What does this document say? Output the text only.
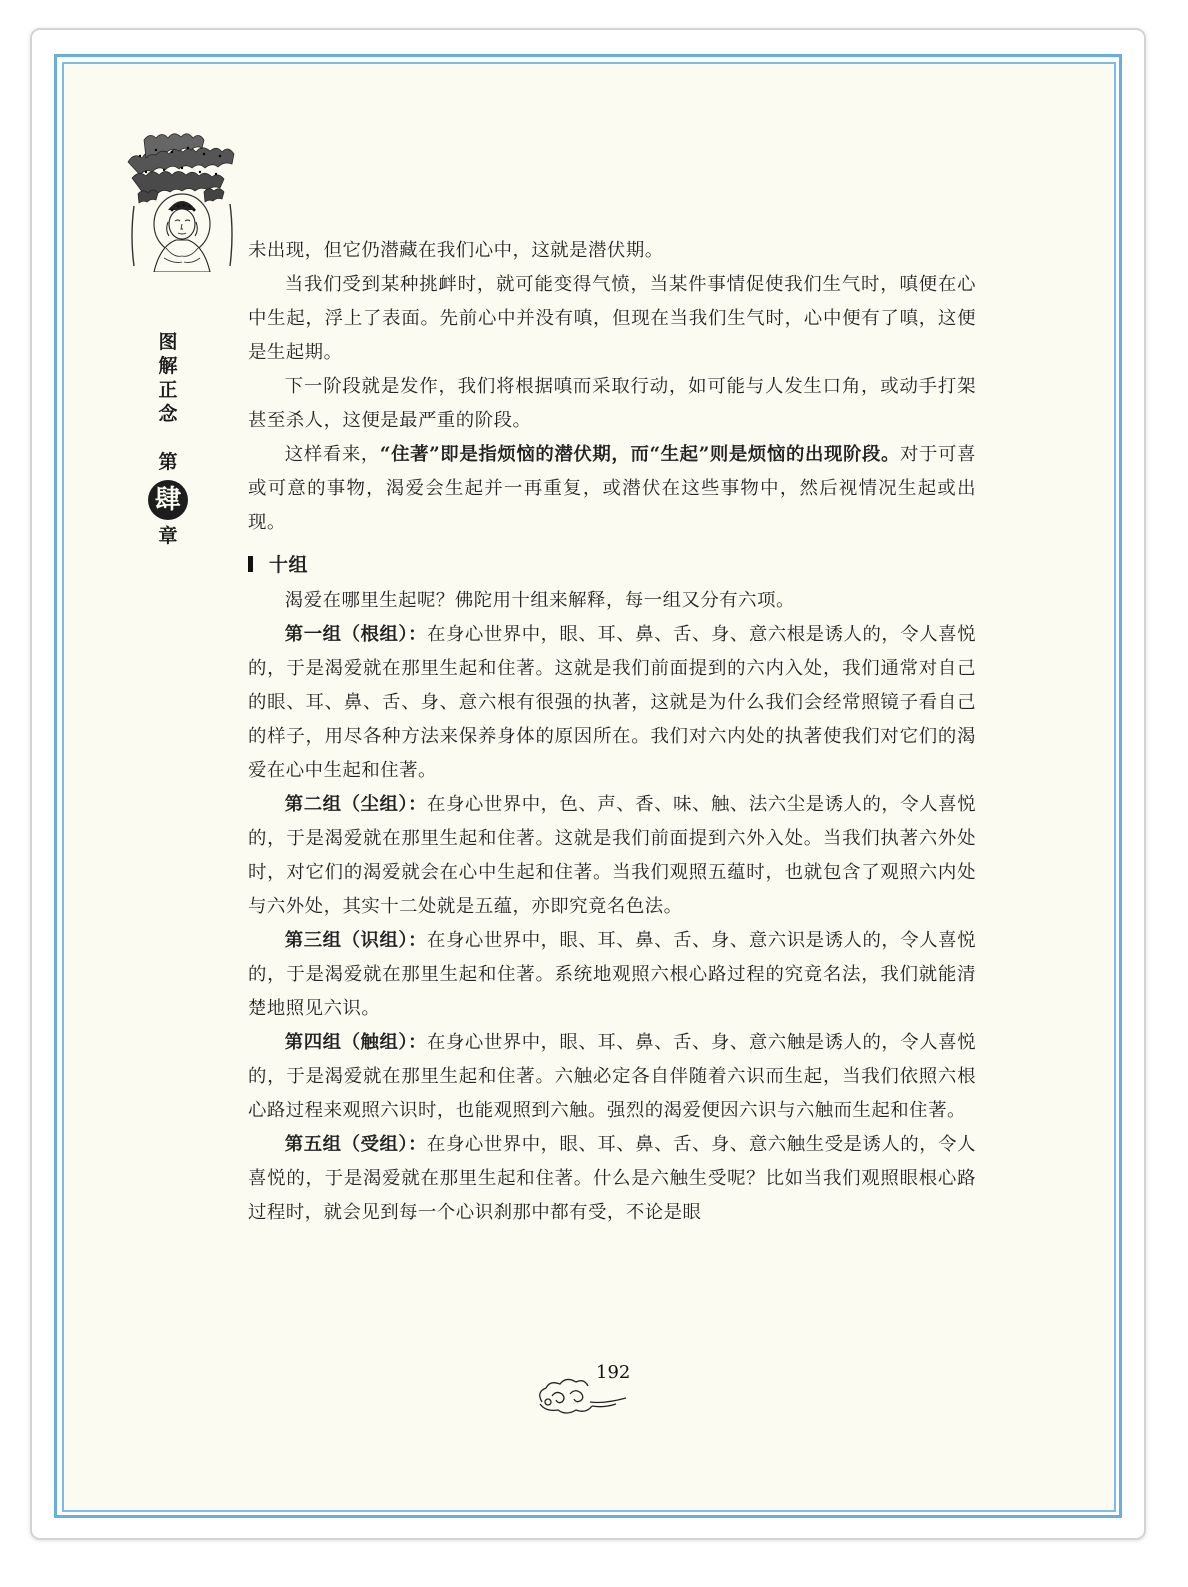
图
解
正
念
第
肆
章

未出现，但它仍潜藏在我们心中，这就是潜伏期。

当我们受到某种挑衅时，就可能变得气愤，当某件事情促使我们生气时，嗔便在心中生起，浮上了表面。先前心中并没有嗔，但现在当我们生气时，心中便有了嗔，这便是生起期。

下一阶段就是发作，我们将根据嗔而采取行动，如可能与人发生口角，或动手打架甚至杀人，这便是最严重的阶段。

这样看来，“住著”即是指烦恼的潜伏期，而“生起”则是烦恼的出现阶段。对于可喜或可意的事物，渴爱会生起并一再重复，或潜伏在这些事物中，然后视情况生起或出现。

十组

渴爱在哪里生起呢？佛陀用十组来解释，每一组又分有六项。

第一组（根组）：在身心世界中，眼、耳、鼻、舌、身、意六根是诱人的，令人喜悦的，于是渴爱就在那里生起和住著。这就是我们前面提到的六内入处，我们通常对自己的眼、耳、鼻、舌、身、意六根有很强的执著，这就是为什么我们会经常照镜子看自己的样子，用尽各种方法来保养身体的原因所在。我们对六内处的执著使我们对它们的渴爱在心中生起和住著。

第二组（尘组）：在身心世界中，色、声、香、味、触、法六尘是诱人的，令人喜悦的，于是渴爱就在那里生起和住著。这就是我们前面提到六外入处。当我们执著六外处时，对它们的渴爱就会在心中生起和住著。当我们观照五蕴时，也就包含了观照六内处与六外处，其实十二处就是五蕴，亦即究竟名色法。

第三组（识组）：在身心世界中，眼、耳、鼻、舌、身、意六识是诱人的，令人喜悦的，于是渴爱就在那里生起和住著。系统地观照六根心路过程的究竟名法，我们就能清楚地照见六识。

第四组（触组）：在身心世界中，眼、耳、鼻、舌、身、意六触是诱人的，令人喜悦的，于是渴爱就在那里生起和住著。六触必定各自伴随着六识而生起，当我们依照六根心路过程来观照六识时，也能观照到六触。强烈的渴爱便因六识与六触而生起和住著。

第五组（受组）：在身心世界中，眼、耳、鼻、舌、身、意六触生受是诱人的，令人喜悦的，于是渴爱就在那里生起和住著。什么是六触生受呢？比如当我们观照眼根心路过程时，就会见到每一个心识刹那中都有受，不论是眼

192
